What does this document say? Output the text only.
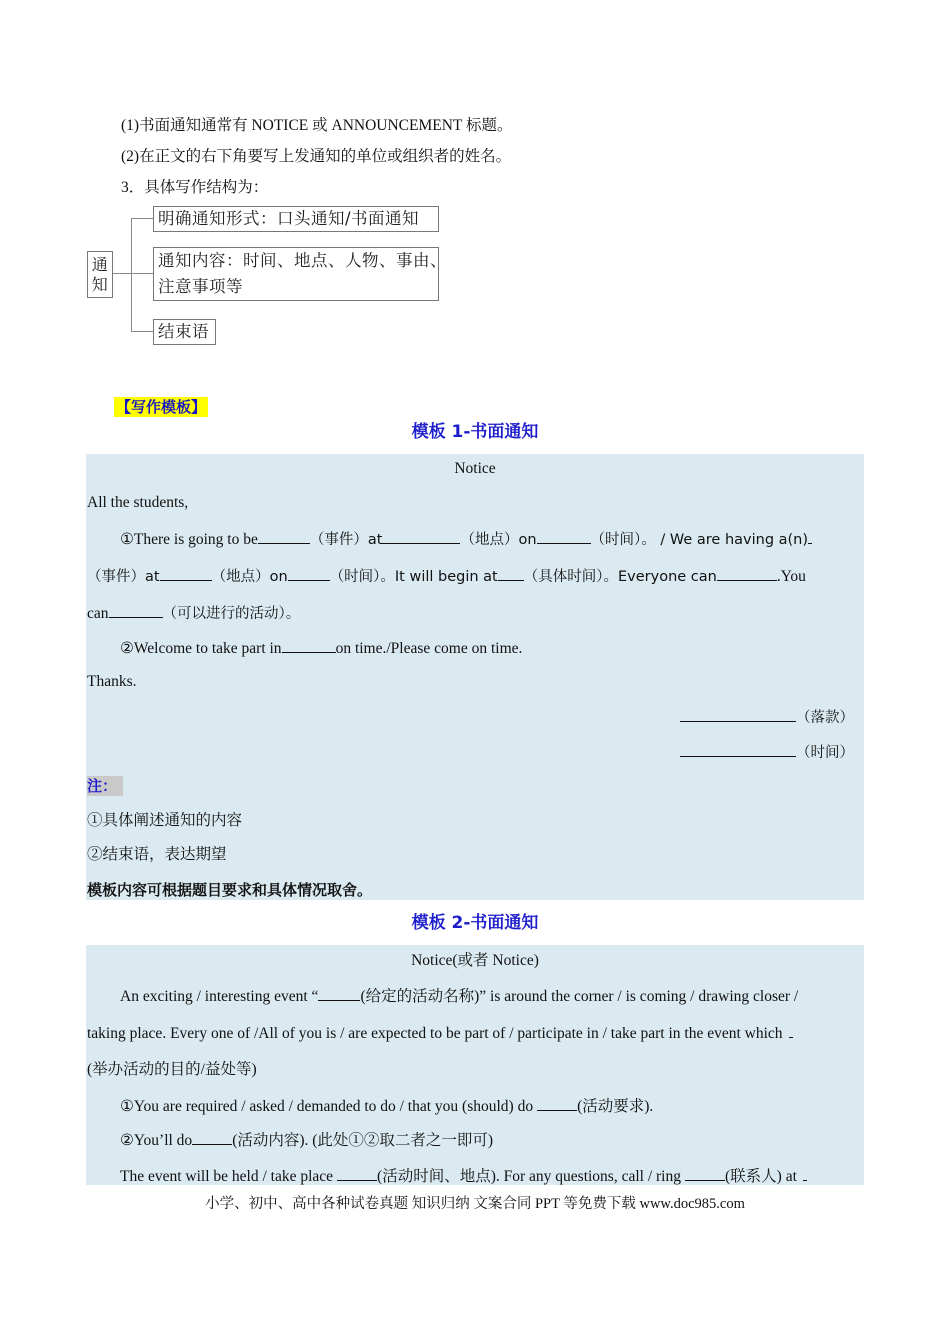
(1)书面通知通常有 NOTICE 或 ANNOUNCEMENT 标题。
(2)在正文的右下角要写上发通知的单位或组织者的姓名。
3．具体写作结构为：
通知
明确通知形式：口头通知/书面通知
通知内容：时间、地点、人物、事由、
注意事项等
结束语
【写作模板】
模板 1-书面通知
Notice
All the students,
①There is going to be	（事件）at	（地点）on	（时间）。 / We are having a(n)
（事件）at	（地点）on	（时间）。It will begin at （具体时间）。Everyone can	.You
can	（可以进行的活动）。
②Welcome to take part in	on time./Please come on time.
Thanks.
（落款）
（时间）
注：
①具体阐述通知的内容
②结束语，表达期望
模板内容可根据题目要求和具体情况取舍。
模板 2-书面通知
Notice(或者 Notice)
An exciting / interesting event “	(给定的活动名称)” is around the corner / is coming / drawing closer /
taking place. Every one of /All of you is / are expected to be part of / participate in / take part in the event which
(举办活动的目的/益处等)
①You are required / asked / demanded to do / that you (should) do	(活动要求).
②You’ll do	(活动内容). (此处①②取二者之一即可)
The event will be held / take place	(活动时间、地点). For any questions, call / ring	(联系人) at
小学、初中、高中各种试卷真题 知识归纳 文案合同 PPT 等免费下载 www.doc985.com
